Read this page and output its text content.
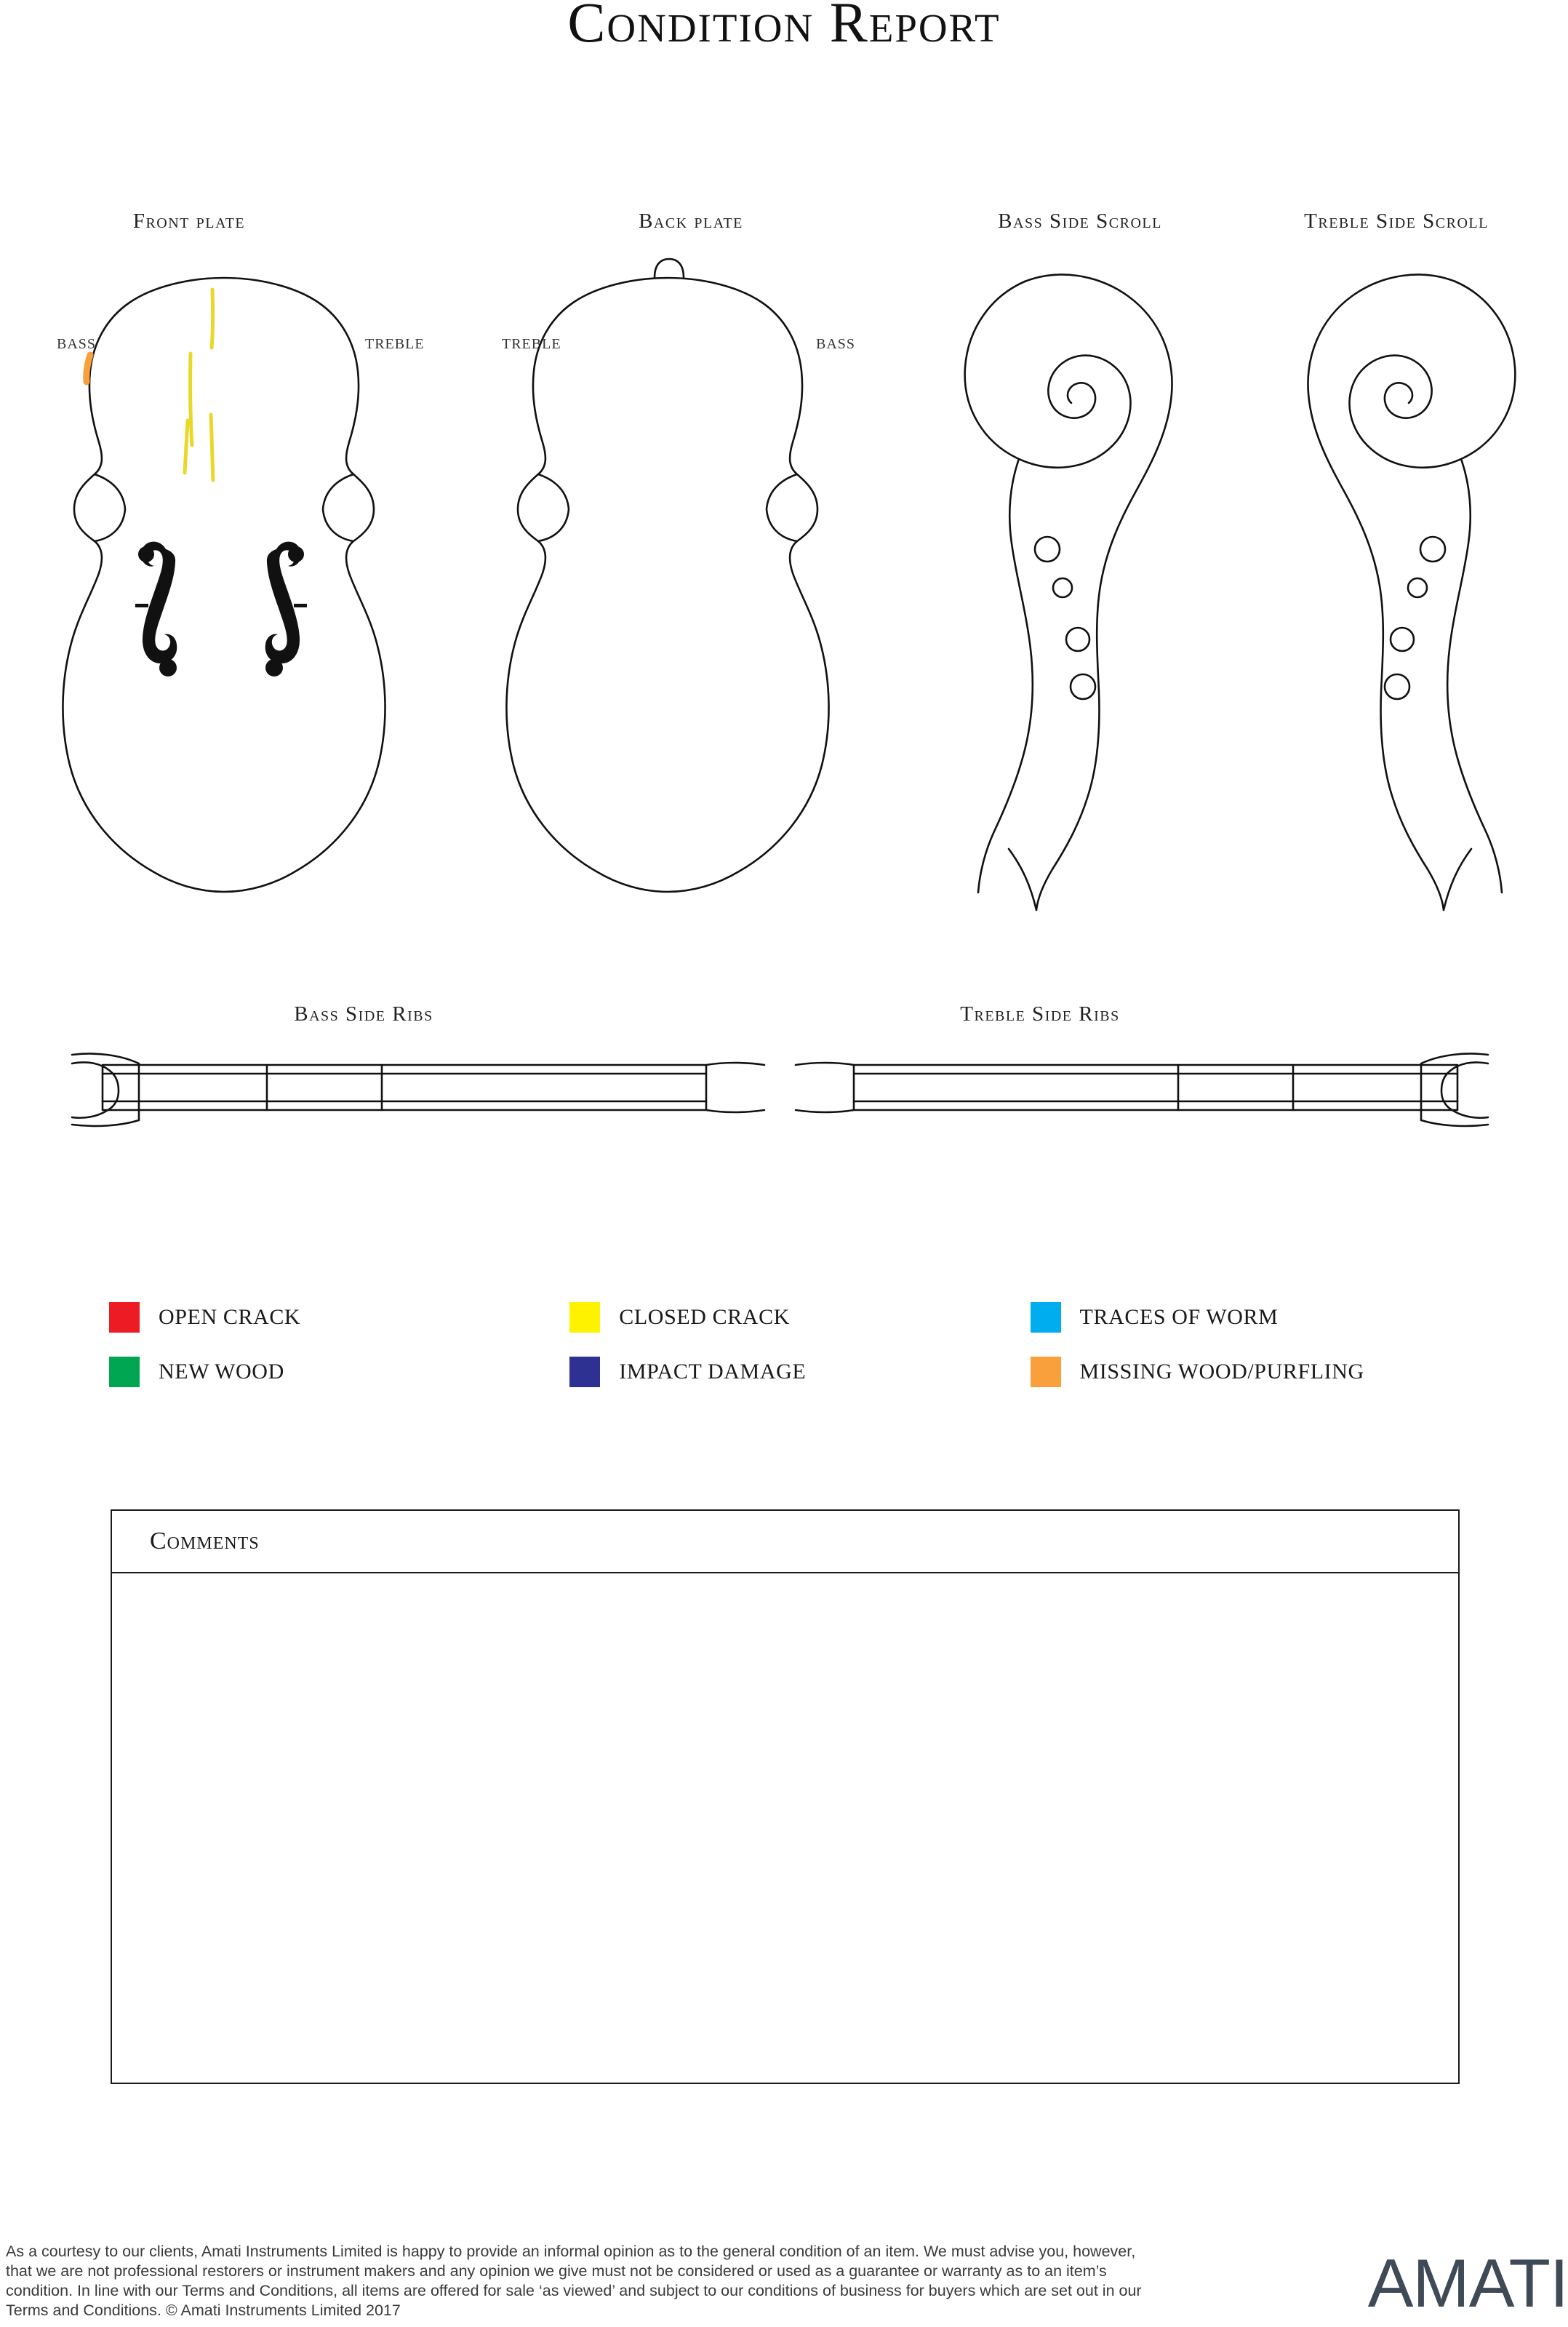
Condition Report
Front plate	Back plate	Bass Side Scroll	Treble Side Scroll
Bass Side Ribs	Treble Side Ribs
BASS	TREBLE	TREBLE	BASS
OPEN CRACK	CLOSED CRACK	TRACES OF WORM
NEW WOOD	IMPACT DAMAGE	MISSING WOOD/PURFLING
Comments
As a courtesy to our clients, Amati Instruments Limited is happy to provide an informal opinion as to the general condition of an item. We must advise you, however, that we are not professional restorers or instrument makers and any opinion we give must not be considered or used as a guarantee or warranty as to an item’s condition. In line with our Terms and Conditions, all items are offered for sale ‘as viewed’ and subject to our conditions of business for buyers which are set out in our Terms and Conditions. © Amati Instruments Limited 2017	AMATI
